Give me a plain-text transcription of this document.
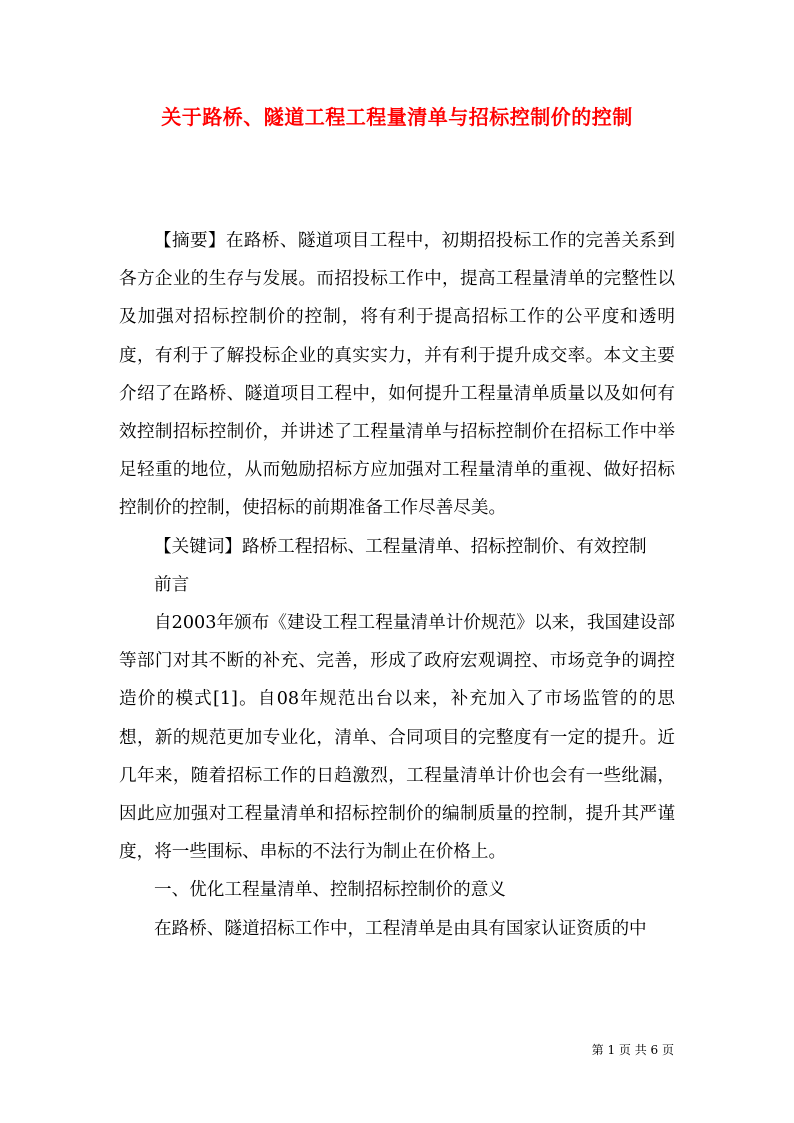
关于路桥、隧道工程工程量清单与招标控制价的控制

【摘要】在路桥、隧道项目工程中，初期招投标工作的完善关系到各方企业的生存与发展。而招投标工作中，提高工程量清单的完整性以及加强对招标控制价的控制，将有利于提高招标工作的公平度和透明度，有利于了解投标企业的真实实力，并有利于提升成交率。本文主要介绍了在路桥、隧道项目工程中，如何提升工程量清单质量以及如何有效控制招标控制价，并讲述了工程量清单与招标控制价在招标工作中举足轻重的地位，从而勉励招标方应加强对工程量清单的重视、做好招标控制价的控制，使招标的前期准备工作尽善尽美。

【关键词】路桥工程招标、工程量清单、招标控制价、有效控制

前言

自2003年颁布《建设工程工程量清单计价规范》以来，我国建设部等部门对其不断的补充、完善，形成了政府宏观调控、市场竞争的调控造价的模式[1]。自08年规范出台以来，补充加入了市场监管的的思想，新的规范更加专业化，清单、合同项目的完整度有一定的提升。近几年来，随着招标工作的日趋激烈，工程量清单计价也会有一些纰漏，因此应加强对工程量清单和招标控制价的编制质量的控制，提升其严谨度，将一些围标、串标的不法行为制止在价格上。

一、优化工程量清单、控制招标控制价的意义

在路桥、隧道招标工作中，工程清单是由具有国家认证资质的中

第 1 页 共 6 页
